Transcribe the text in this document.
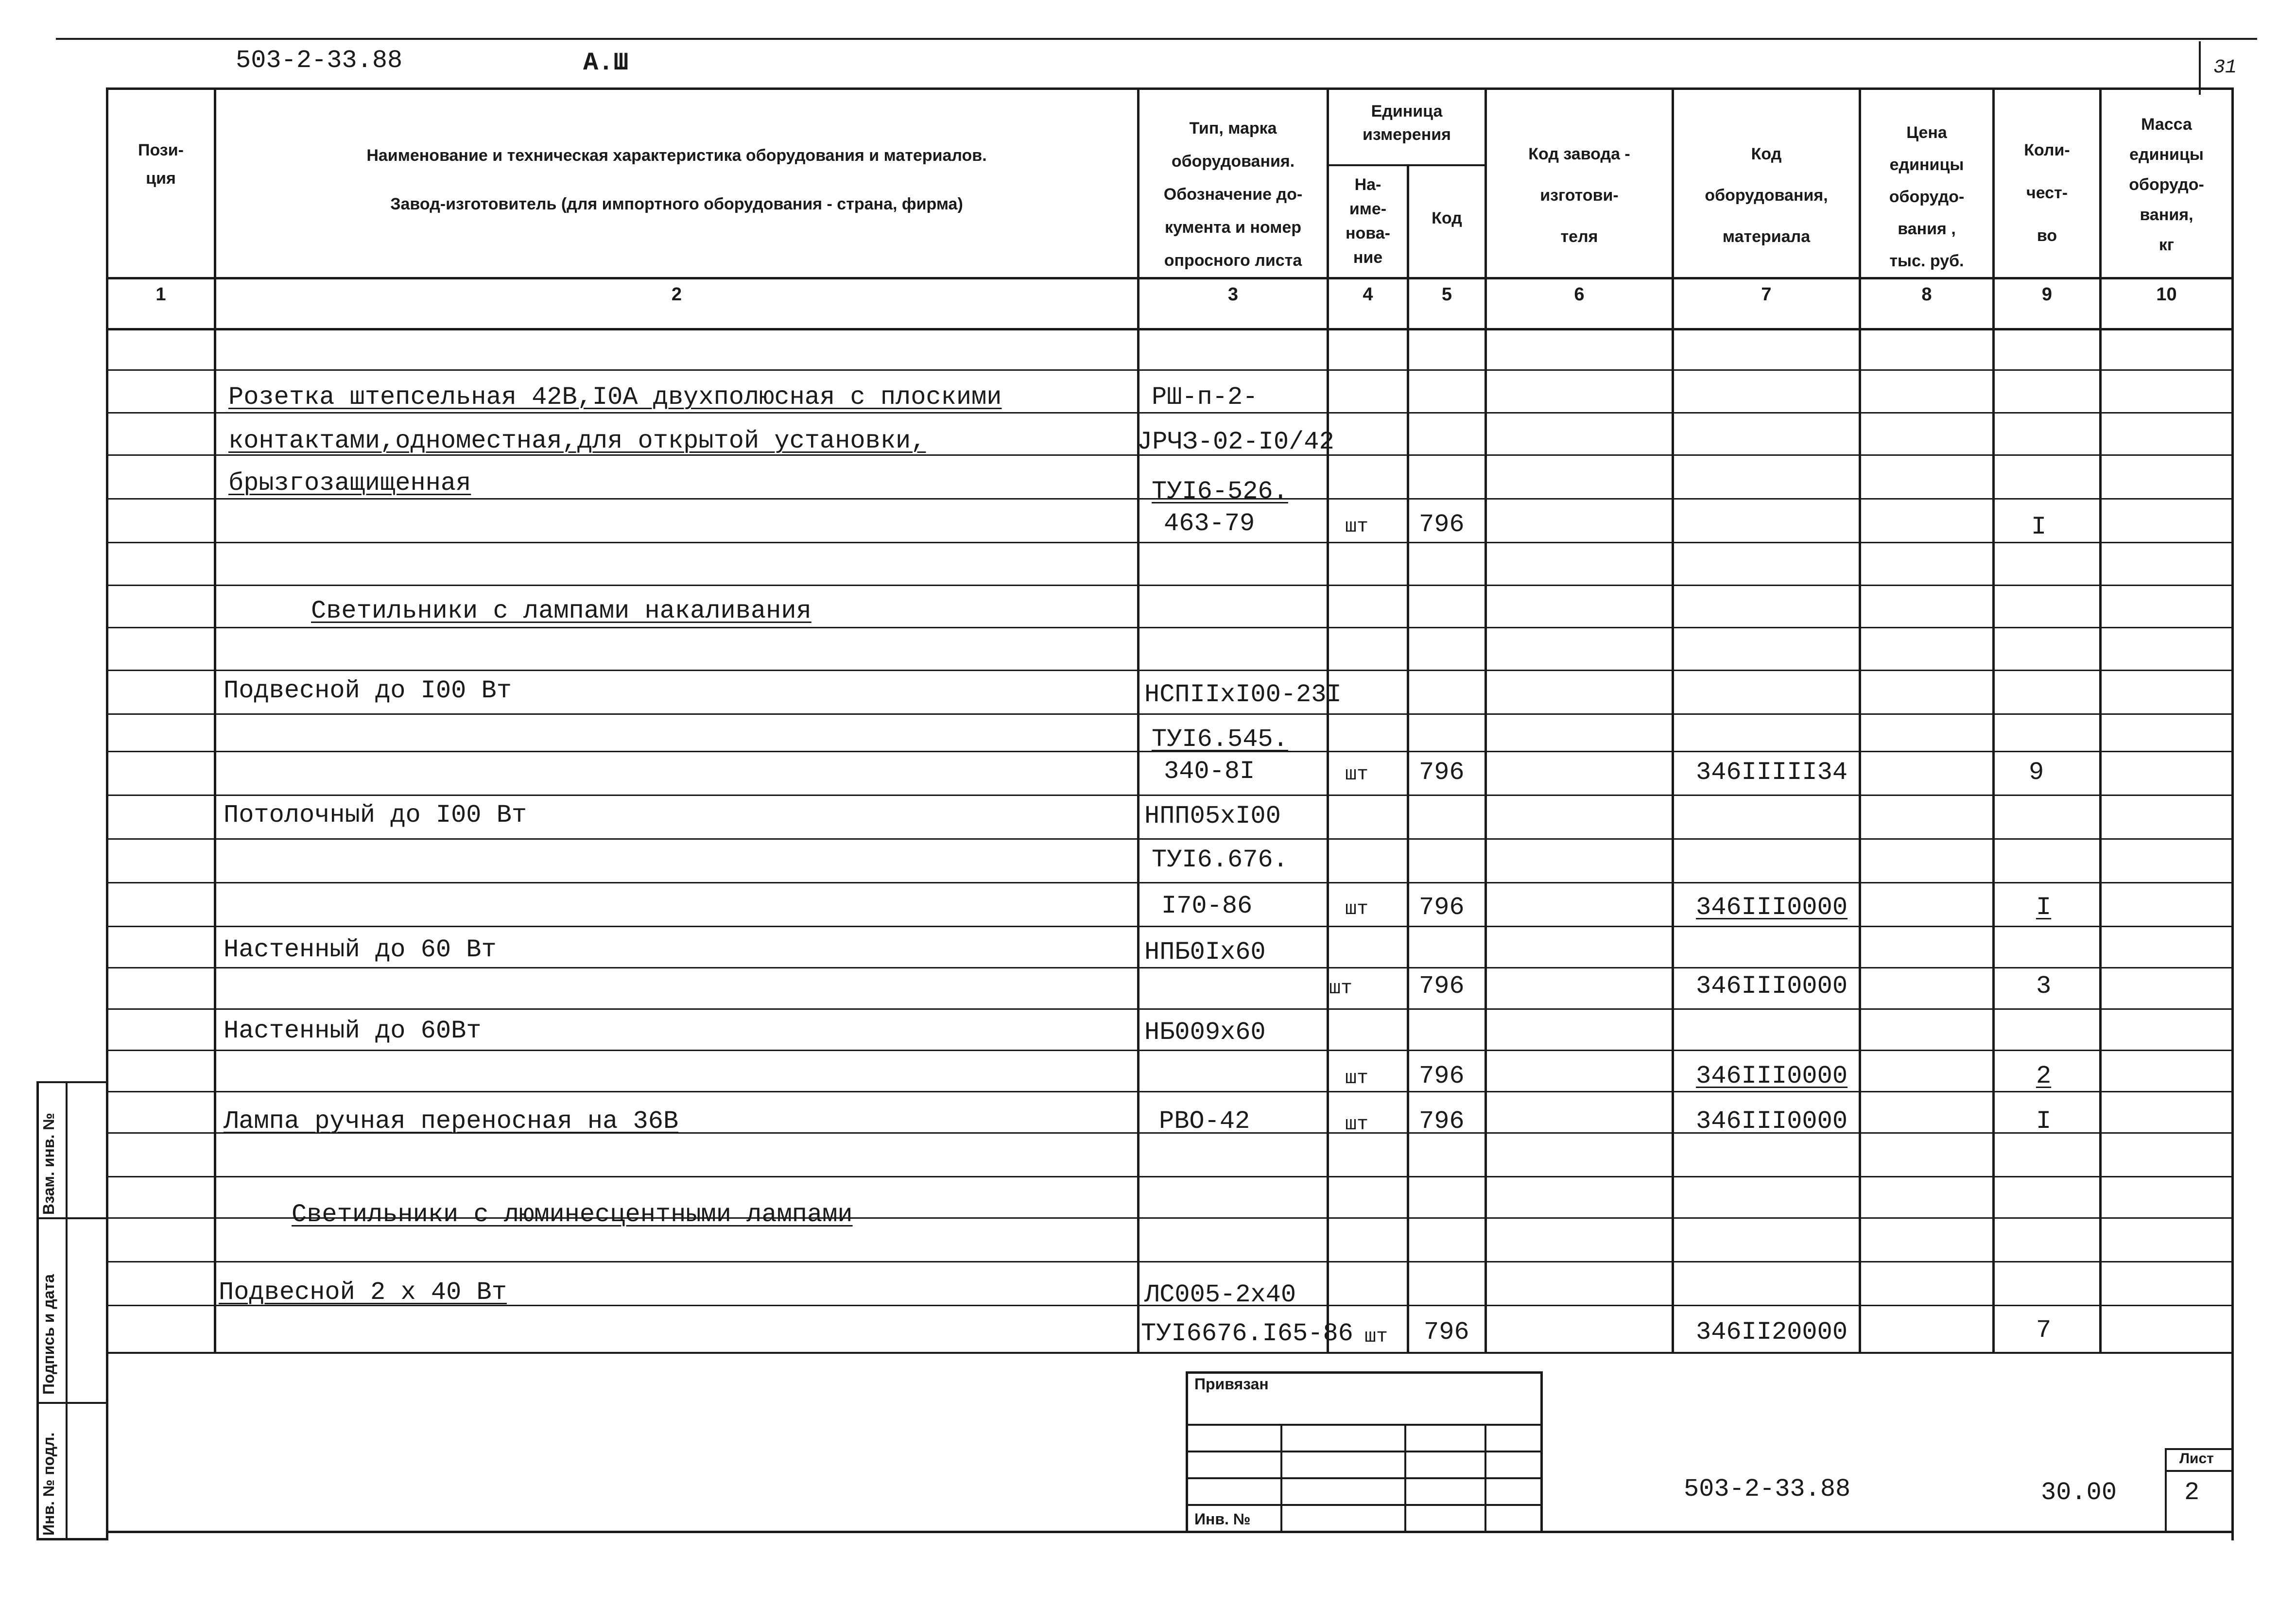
503-2-33.88	А.Ш	31
Пози-
ция
Наименование и техническая характеристика оборудования и материалов.
Завод-изготовитель (для импортного оборудования - страна, фирма)
Тип, марка
оборудования.
Обозначение до-
кумента и номер
опросного листа
Единица
измерения
На-
име-
нова-
ние
Код
Код завода -
изготови-
теля
Код
оборудования,
материала
Цена
единицы
оборудо-
вания ,
тыс. руб.
Коли-
чест-
во
Масса
единицы
оборудо-
вания,
кг
1	2	3	4	5	6	7	8	9	10
Розетка штепсельная 42В,I0А двухполюсная с плоскими	РШ-п-2-
контактами,одноместная,для открытой установки,	ЈРЧЗ-02-I0/42
брызгозащищенная	ТУI6-526.
463-79	шт 796	I
Светильники с лампами накаливания
Подвесной до I00 Вт	НСПIIхI00-23I
ТУI6.545.
340-8I	шт 796	346IIIII34	9
Потолочный до I00 Вт	НПП05хI00
ТУI6.676.
I70-86	шт 796	346III0000	I
Настенный до 60 Вт	НПБ0Iх60
шт	796	346III0000	3
Настенный до 60Вт	НБ009х60
шт 796	346III0000	2
Лампа ручная переносная на 36В	РВО-42	шт 796	346III0000	I
Светильники с люминесцентными лампами
Подвесной 2 х 40 Вт	ЛС005-2х40
ТУI6676.I65-86 шт 796	346II20000	7
Привязан
Инв. №
503-2-33.88	30.00
Лист
2
Взам. инв. №
Подпись и дата
Инв. № подл.
